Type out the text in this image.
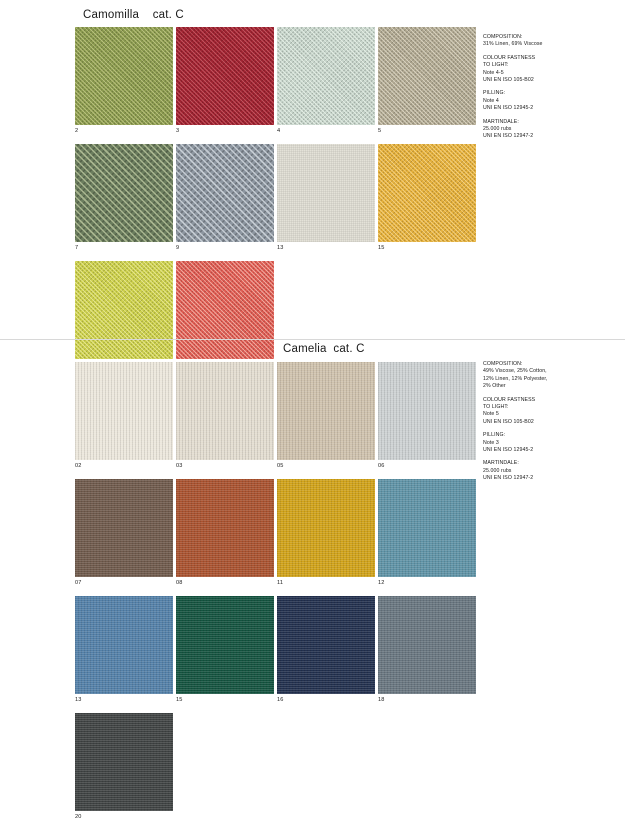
Camomilla    cat. C
2	3	4	5
7	9	13	15
COMPOSITION:
31% Linen, 69% Viscose
COLOUR FASTNESS
TO LIGHT:
Note 4-5
UNI EN ISO 105-B02
PILLING:
Note 4
UNI EN ISO 12945-2
MARTINDALE:
25.000 rubs
UNI EN ISO 12947-2
Camelia  cat. C
02	03	05	06
07	08	11	12
13	15	16	18
20
COMPOSITION:
49% Viscose, 25% Cotton,
12% Linen, 12% Polyester,
2% Other
COLOUR FASTNESS
TO LIGHT:
Note 5
UNI EN ISO 105-B02
PILLING:
Note 3
UNI EN ISO 12945-2
MARTINDALE:
25.000 rubs
UNI EN ISO 12947-2
